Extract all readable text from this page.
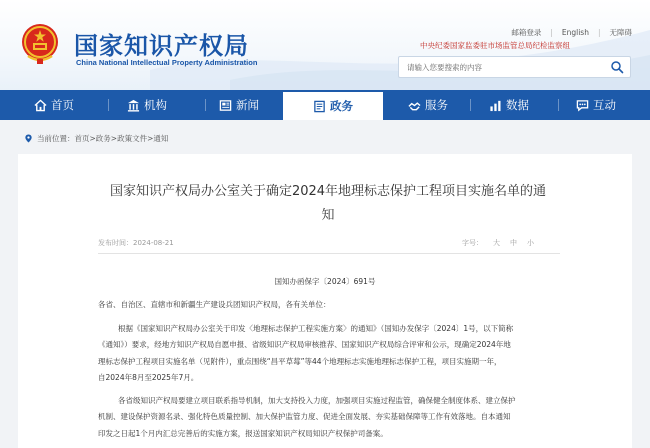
国家知识产权局
China National Intellectual Property Administration
邮箱登录 | English | 无障碍
中央纪委国家监委驻市场监管总局纪检监察组
请输入您要搜索的内容
首页	机构	新闻	政务	服务	数据	互动
当前位置： 首页 > 政务 > 政策文件 > 通知
国家知识产权局办公室关于确定2024年地理标志保护工程项目实施名单的通
知
发布时间：2024-08-21	字号： 大 中 小
国知办函保字〔2024〕691号
各省、自治区、直辖市和新疆生产建设兵团知识产权局，各有关单位：

根据《国家知识产权局办公室关于印发〈地理标志保护工程实施方案〉的通知》（国知办发保字〔2024〕1号，以下简称

《通知》）要求，经地方知识产权局自愿申报、省级知识产权局审核推荐、国家知识产权局综合评审和公示，现确定2024年地

理标志保护工程项目实施名单（见附件），重点围绕“昌平草莓”等44个地理标志实施地理标志保护工程，项目实施期一年，

自2024年8月至2025年7月。

各省级知识产权局要建立项目联系指导机制，加大支持投入力度，加强项目实施过程监管，确保健全制度体系、建立保护

机制、建设保护资源名录、强化特色质量控制、加大保护监管力度、促进全面发展、夯实基础保障等工作有效落地。自本通知

印发之日起1个月内汇总完善后的实施方案，报送国家知识产权局知识产权保护司备案。
